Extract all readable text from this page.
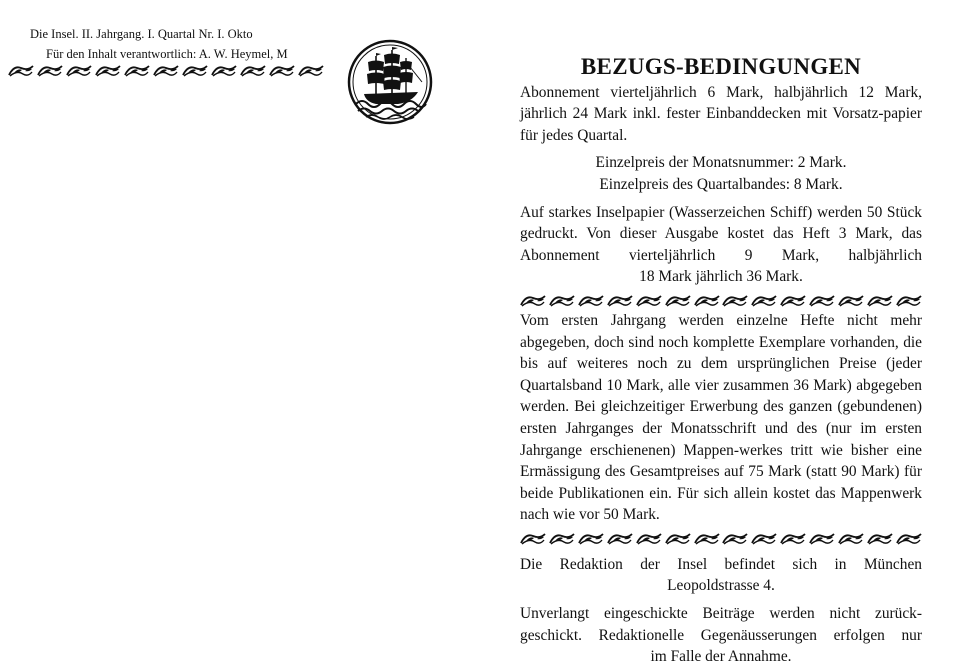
Die Insel. II. Jahrgang. I. Quartal Nr. I. Okto
Für den Inhalt verantwortlich: A. W. Heymel, M	BEZUGS-BEDINGUNGEN

Abonnement vierteljährlich 6 Mark, halbjährlich 12 Mark, jährlich 24 Mark inkl. fester Einbanddecken mit Vorsatz-papier für jedes Quartal.

Einzelpreis der Monatsnummer: 2 Mark.

Einzelpreis des Quartalbandes: 8 Mark.

Auf starkes Inselpapier (Wasserzeichen Schiff) werden 50 Stück gedruckt. Von dieser Ausgabe kostet das Heft 3 Mark, das Abonnement vierteljährlich 9 Mark, halbjährlich

18 Mark jährlich 36 Mark.

Vom ersten Jahrgang werden einzelne Hefte nicht mehr abgegeben, doch sind noch komplette Exemplare vorhanden, die bis auf weiteres noch zu dem ursprünglichen Preise (jeder Quartalsband 10 Mark, alle vier zusammen 36 Mark) abgegeben werden. Bei gleichzeitiger Erwerbung des ganzen (gebundenen) ersten Jahrganges der Monatsschrift und des (nur im ersten Jahrgange erschienenen) Mappen-werkes tritt wie bisher eine Ermässigung des Gesamtpreises auf 75 Mark (statt 90 Mark) für beide Publikationen ein. Für sich allein kostet das Mappenwerk nach wie vor 50 Mark.

Die Redaktion der Insel befindet sich in München

Leopoldstrasse 4.

Unverlangt eingeschickte Beiträge werden nicht zurück-geschickt. Redaktionelle Gegenäusserungen erfolgen nur

im Falle der Annahme.
